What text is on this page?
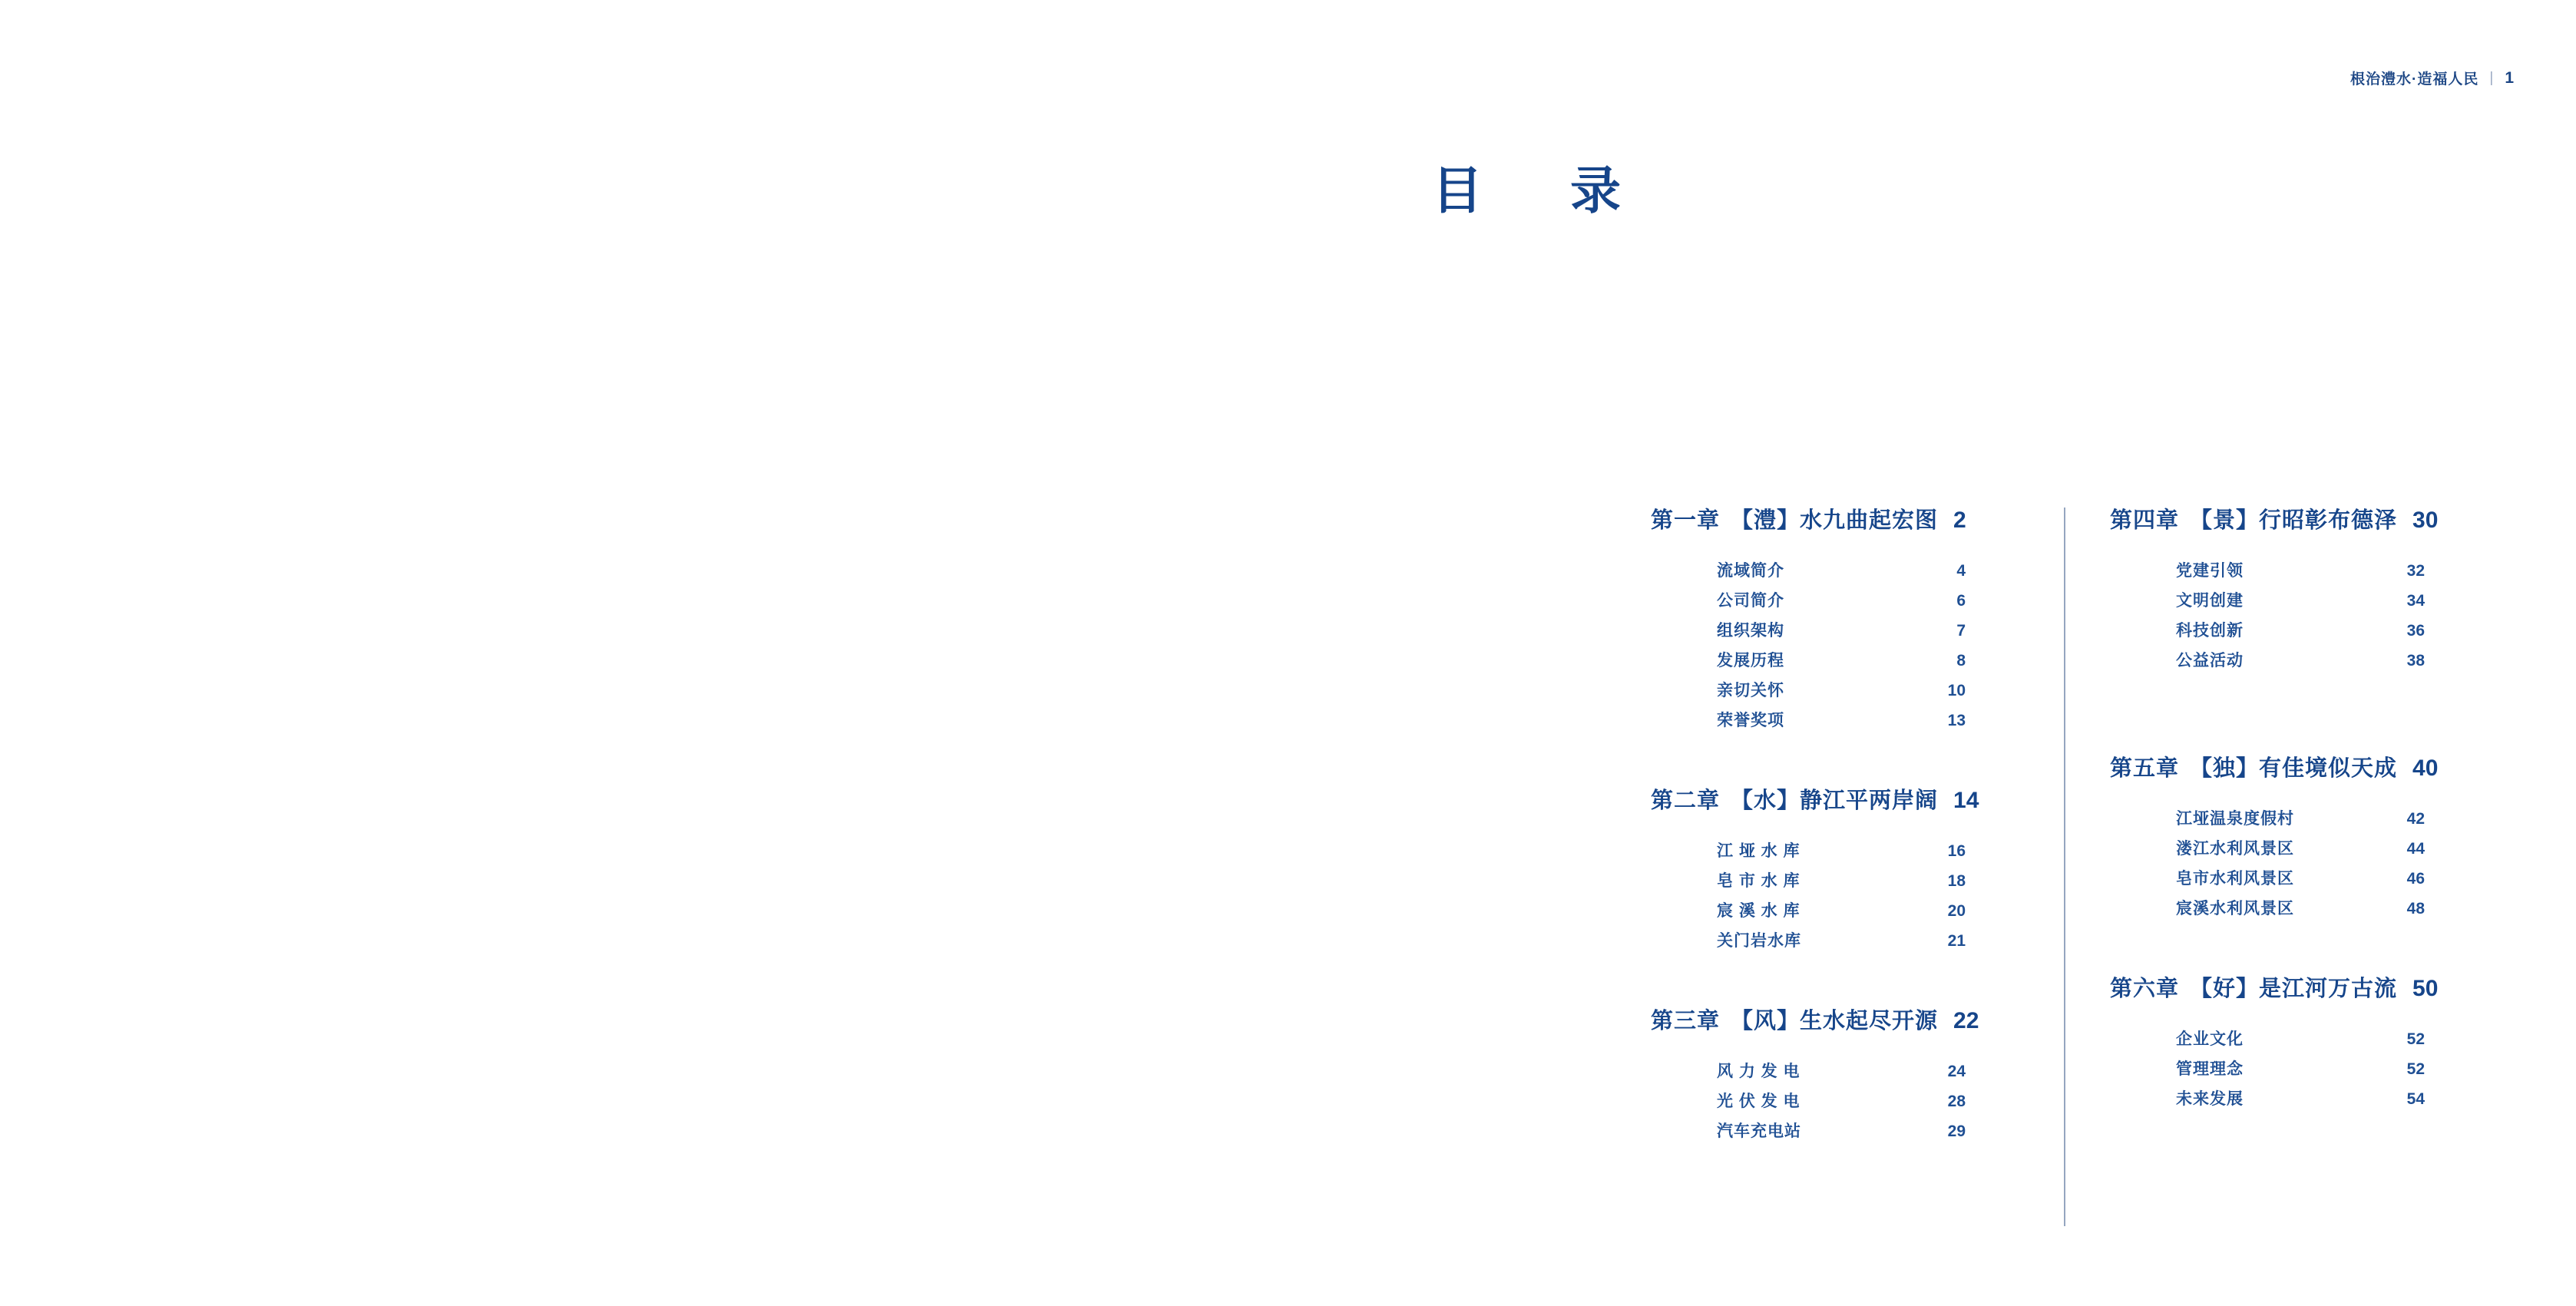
根治澧水·造福人民 | 1
目　录
第一章 【澧】水九曲起宏图 2
流域简介	4
公司简介	6
组织架构	7
发展历程	8
亲切关怀	10
荣誉奖项	13
第二章 【水】静江平两岸阔 14
江 垭 水 库	16
皂 市 水 库	18
宸 溪 水 库	20
关门岩水库	21
第三章 【风】生水起尽开源 22
风 力 发 电	24
光 伏 发 电	28
汽车充电站	29
第四章 【景】行昭彰布德泽 30
党建引领	32
文明创建	34
科技创新	36
公益活动	38
第五章 【独】有佳境似天成 40
江垭温泉度假村	42
溇江水利风景区	44
皂市水利风景区	46
宸溪水利风景区	48
第六章 【好】是江河万古流 50
企业文化	52
管理理念	52
未来发展	54
